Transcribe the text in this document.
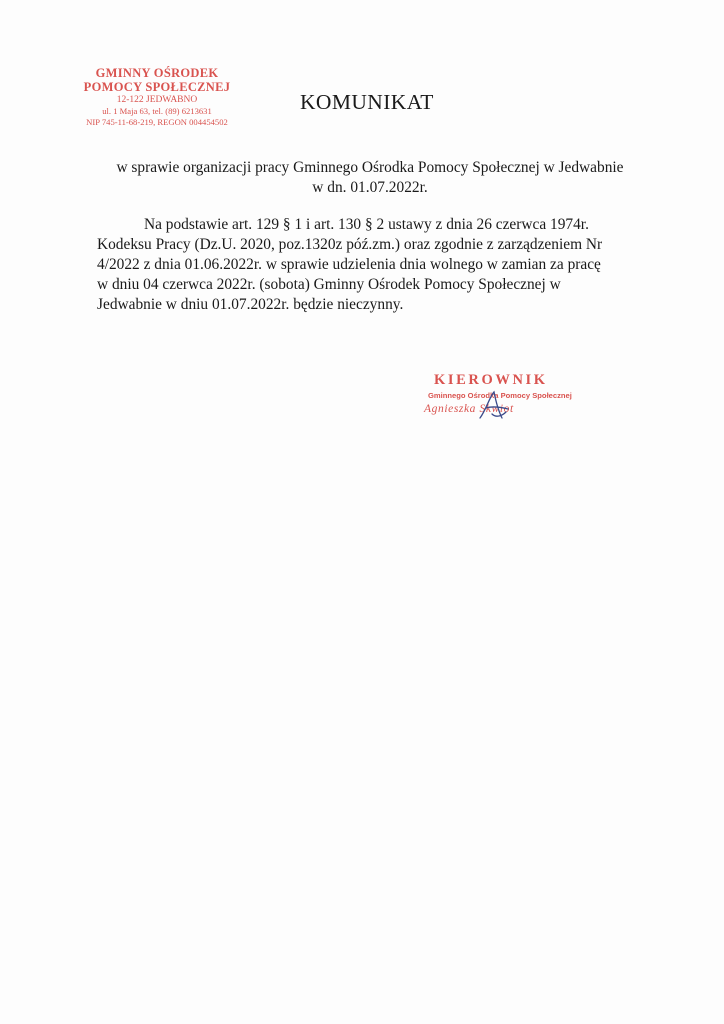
GMINNY OŚRODEK
POMOCY SPOŁECZNEJ
12-122 JEDWABNO
ul. 1 Maja 63, tel. (89) 6213631
NIP 745-11-68-219, REGON 004454502
KOMUNIKAT
w sprawie organizacji pracy Gminnego Ośrodka Pomocy Społecznej w Jedwabnie
w dn. 01.07.2022r.
Na podstawie art. 129 § 1 i art. 130 § 2 ustawy z dnia 26 czerwca 1974r.
Kodeksu Pracy (Dz.U. 2020, poz.1320z póź.zm.) oraz zgodnie z zarządzeniem Nr
4/2022 z dnia 01.06.2022r. w sprawie udzielenia dnia wolnego w zamian za pracę
w dniu 04 czerwca 2022r. (sobota) Gminny Ośrodek Pomocy Społecznej w
Jedwabnie w dniu 01.07.2022r. będzie nieczynny.
KIEROWNIK
Gminnego Ośrodka Pomocy Społecznej
Agnieszka Skwiot
